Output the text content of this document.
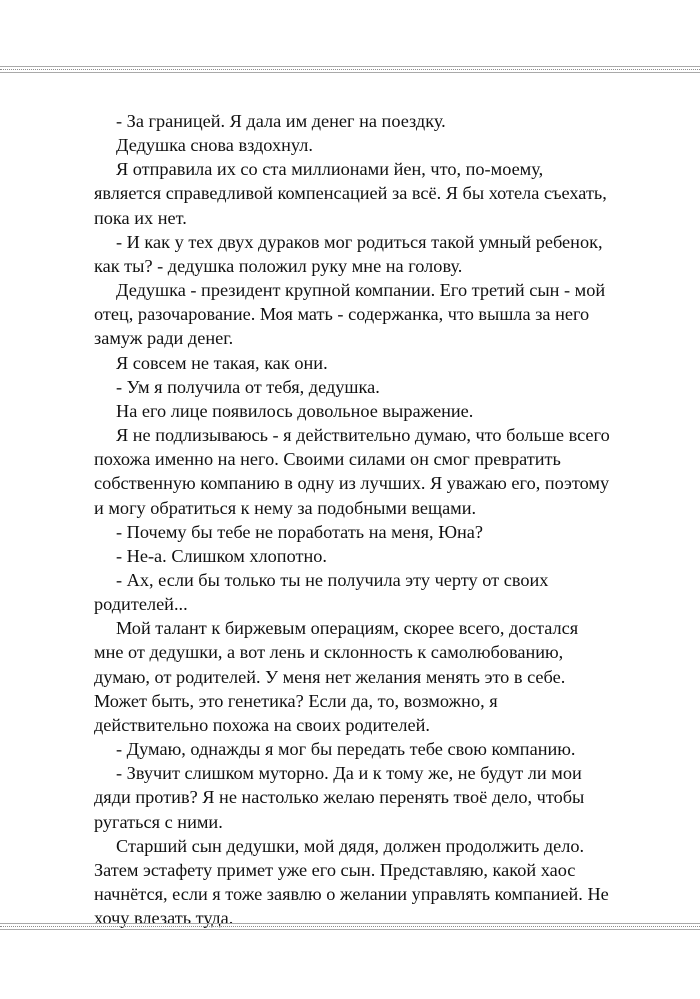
- За границей. Я дала им денег на поездку.

Дедушка снова вздохнул.

Я отправила их со ста миллионами йен, что, по-моему, является справедливой компенсацией за всё. Я бы хотела съехать, пока их нет.

- И как у тех двух дураков мог родиться такой умный ребенок, как ты? - дедушка положил руку мне на голову.

Дедушка - президент крупной компании. Его третий сын - мой отец, разочарование. Моя мать - содержанка, что вышла за него замуж ради денег.

Я совсем не такая, как они.

- Ум я получила от тебя, дедушка.

На его лице появилось довольное выражение.

Я не подлизываюсь - я действительно думаю, что больше всего похожа именно на него. Своими силами он смог превратить собственную компанию в одну из лучших. Я уважаю его, поэтому и могу обратиться к нему за подобными вещами.

- Почему бы тебе не поработать на меня, Юна?

- Не-а. Слишком хлопотно.

- Ах, если бы только ты не получила эту черту от своих родителей...

Мой талант к биржевым операциям, скорее всего, достался мне от дедушки, а вот лень и склонность к самолюбованию, думаю, от родителей. У меня нет желания менять это в себе. Может быть, это генетика? Если да, то, возможно, я действительно похожа на своих родителей.

- Думаю, однажды я мог бы передать тебе свою компанию.

- Звучит слишком муторно. Да и к тому же, не будут ли мои дяди против? Я не настолько желаю перенять твоё дело, чтобы ругаться с ними.

Старший сын дедушки, мой дядя, должен продолжить дело. Затем эстафету примет уже его сын. Представляю, какой хаос начнётся, если я тоже заявлю о желании управлять компанией. Не хочу влезать туда.
